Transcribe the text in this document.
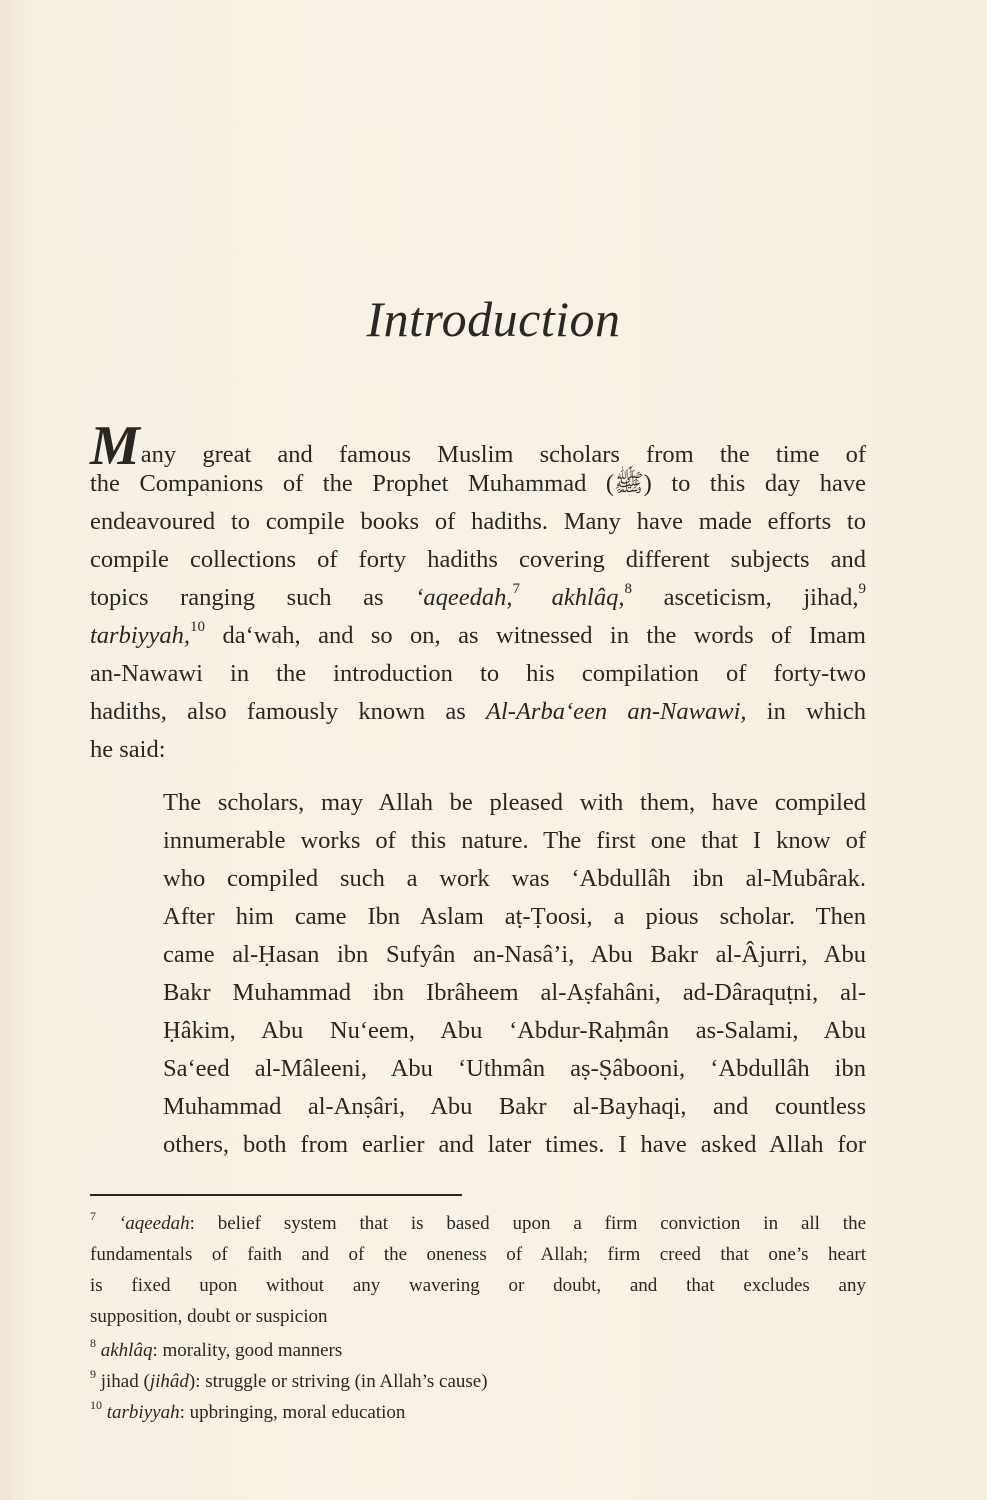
Introduction
Many great and famous Muslim scholars from the time of
the Companions of the Prophet Muhammad (ﷺ) to this day have
endeavoured to compile books of hadiths. Many have made efforts to
compile collections of forty hadiths covering different subjects and
topics ranging such as ‘aqeedah,$^7$ akhlâq,$^8$ asceticism, jihad,$^9$
tarbiyyah,$^{10}$ da‘wah, and so on, as witnessed in the words of Imam
an-Nawawi in the introduction to his compilation of forty-two
hadiths, also famously known as Al-Arba‘een an-Nawawi, in which
he said:
The scholars, may Allah be pleased with them, have compiled
innumerable works of this nature. The first one that I know of
who compiled such a work was ‘Abdullâh ibn al-Mubârak.
After him came Ibn Aslam aṭ-Ṭoosi, a pious scholar. Then
came al-Ḥasan ibn Sufyân an-Nasâ’i, Abu Bakr al-Âjurri, Abu
Bakr Muhammad ibn Ibrâheem al-Aṣfahâni, ad-Dâraquṭni, al-
Ḥâkim, Abu Nu‘eem, Abu ‘Abdur-Raḥmân as-Salami, Abu
Sa‘eed al-Mâleeni, Abu ‘Uthmân aṣ-Ṣâbooni, ‘Abdullâh ibn
Muhammad al-Anṣâri, Abu Bakr al-Bayhaqi, and countless
others, both from earlier and later times. I have asked Allah for
$^7$ ‘aqeedah: belief system that is based upon a firm conviction in all the
fundamentals of faith and of the oneness of Allah; firm creed that one’s heart
is fixed upon without any wavering or doubt, and that excludes any
supposition, doubt or suspicion
$^8$ akhlâq: morality, good manners
$^9$ jihad (jihâd): struggle or striving (in Allah’s cause)
$^{10}$ tarbiyyah: upbringing, moral education
